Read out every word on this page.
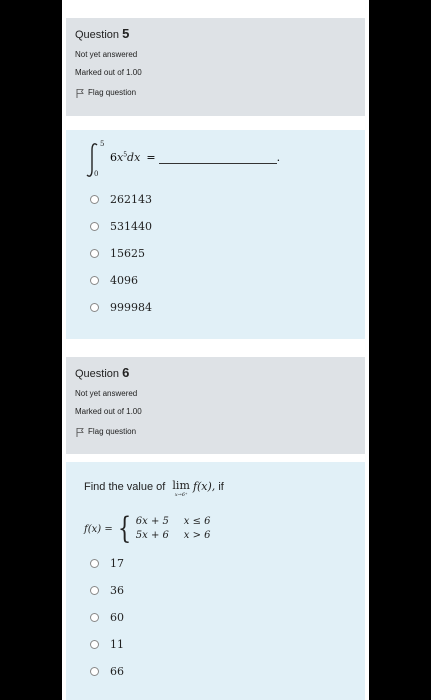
Question 5
Not yet answered
Marked out of 1.00
Flag question
5
0
$6x^5dx$ =	.
262143
531440
15625
4096
999984
Question 6
Not yet answered
Marked out of 1.00
Flag question
Find the value of lim
x→6⁺
f(x), if
f(x) = { 6x + 5	x ≤ 6
5x + 6	x > 6
17
36
60
11
66
